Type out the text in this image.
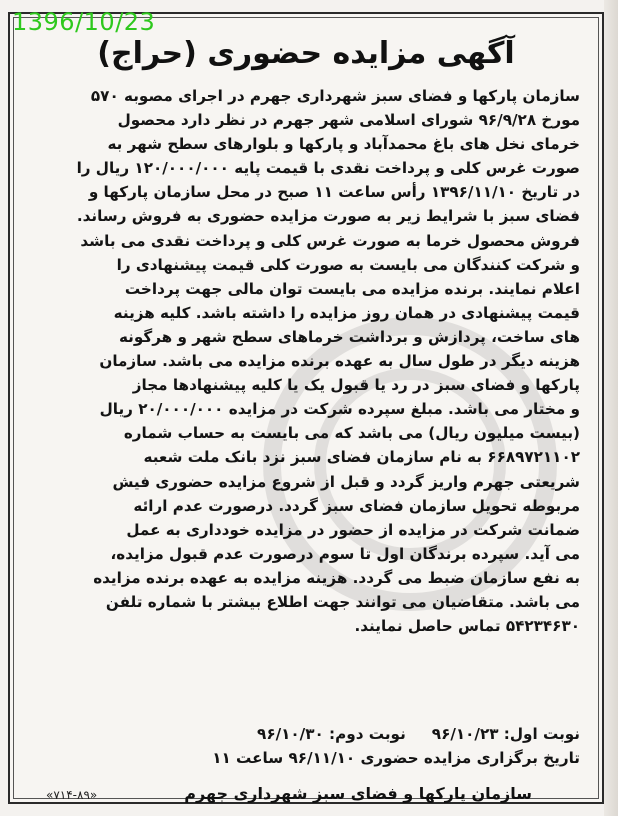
1396/10/23
آگهی مزایده حضوری (حراج)
سازمان پارکها و فضای سبز شهرداری جهرم در اجرای مصوبه ۵۷۰
مورخ ۹۶/۹/۲۸ شورای اسلامی شهر جهرم در نظر دارد محصول
خرمای نخل های باغ محمدآباد و پارکها و بلوارهای سطح شهر به
صورت غرس کلی و پرداخت نقدی با قیمت پایه ۱۲۰/۰۰۰/۰۰۰ ریال را
در تاریخ ۱۳۹۶/۱۱/۱۰ رأس ساعت ۱۱ صبح در محل سازمان پارکها و
فضای سبز با شرایط زیر به صورت مزایده حضوری به فروش رساند.
فروش محصول خرما به صورت غرس کلی و پرداخت نقدی می باشد
و شرکت کنندگان می بایست به صورت کلی قیمت پیشنهادی را
اعلام نمایند. برنده مزایده می بایست توان مالی جهت پرداخت
قیمت پیشنهادی در همان روز مزایده را داشته باشد. کلیه هزینه
های ساخت، پردازش و برداشت خرماهای سطح شهر و هرگونه
هزینه دیگر در طول سال به عهده برنده مزایده می باشد. سازمان
پارکها و فضای سبز در رد یا قبول یک یا کلیه پیشنهادها مجاز
و مختار می باشد. مبلغ سپرده شرکت در مزایده ۲۰/۰۰۰/۰۰۰ ریال
(بیست میلیون ریال) می باشد که می بایست به حساب شماره
۶۶۸۹۷۲۱۱۰۲ به نام سازمان فضای سبز نزد بانک ملت شعبه
شریعتی جهرم واریز گردد و قبل از شروع مزایده حضوری فیش
مربوطه تحویل سازمان فضای سبز گردد. درصورت عدم ارائه
ضمانت شرکت در مزایده از حضور در مزایده خودداری به عمل
می آید. سپرده برندگان اول تا سوم درصورت عدم قبول مزایده،
به نفع سازمان ضبط می گردد. هزینه مزایده به عهده برنده مزایده
می باشد. متقاضیان می توانند جهت اطلاع بیشتر با شماره تلفن
۵۴۲۳۴۶۳۰ تماس حاصل نمایند.
نوبت اول: ۹۶/۱۰/۲۳نوبت دوم: ۹۶/۱۰/۳۰
تاریخ برگزاری مزایده حضوری ۹۶/۱۱/۱۰ ساعت ۱۱
«۷۱۴-۸۹»	سازمان پارکها و فضای سبز شهرداری جهرم
